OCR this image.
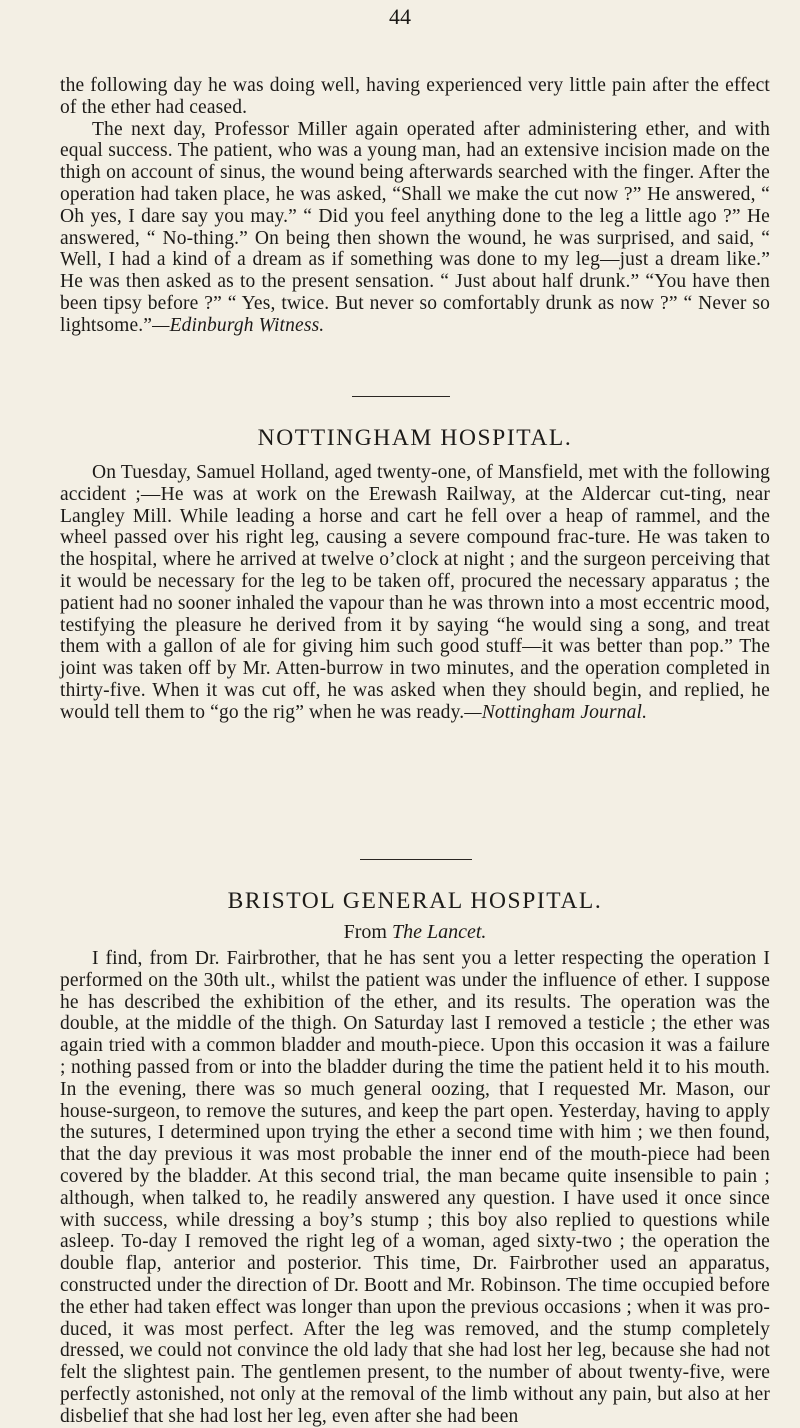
44

the following day he was doing well, having experienced very little pain after the effect of the ether had ceased.

The next day, Professor Miller again operated after administering ether, and with equal success. The patient, who was a young man, had an extensive incision made on the thigh on account of sinus, the wound being afterwards searched with the finger. After the operation had taken place, he was asked, “Shall we make the cut now ?” He answered, “ Oh yes, I dare say you may.” “ Did you feel anything done to the leg a little ago ?” He answered, “ No-thing.” On being then shown the wound, he was surprised, and said, “ Well, I had a kind of a dream as if something was done to my leg—just a dream like.” He was then asked as to the present sensation. “ Just about half drunk.” “You have then been tipsy before ?” “ Yes, twice. But never so comfortably drunk as now ?” “ Never so lightsome.”—Edinburgh Witness.

NOTTINGHAM HOSPITAL.

On Tuesday, Samuel Holland, aged twenty-one, of Mansfield, met with the following accident ;—He was at work on the Erewash Railway, at the Aldercar cut-ting, near Langley Mill. While leading a horse and cart he fell over a heap of rammel, and the wheel passed over his right leg, causing a severe compound frac-ture. He was taken to the hospital, where he arrived at twelve o’clock at night ; and the surgeon perceiving that it would be necessary for the leg to be taken off, procured the necessary apparatus ; the patient had no sooner inhaled the vapour than he was thrown into a most eccentric mood, testifying the pleasure he derived from it by saying “he would sing a song, and treat them with a gallon of ale for giving him such good stuff—it was better than pop.” The joint was taken off by Mr. Atten-burrow in two minutes, and the operation completed in thirty-five. When it was cut off, he was asked when they should begin, and replied, he would tell them to “go the rig” when he was ready.—Nottingham Journal.

BRISTOL GENERAL HOSPITAL.

From The Lancet.

I find, from Dr. Fairbrother, that he has sent you a letter respecting the operation I performed on the 30th ult., whilst the patient was under the influence of ether. I suppose he has described the exhibition of the ether, and its results. The operation was the double, at the middle of the thigh. On Saturday last I removed a testicle ; the ether was again tried with a common bladder and mouth-piece. Upon this occasion it was a failure ; nothing passed from or into the bladder during the time the patient held it to his mouth. In the evening, there was so much general oozing, that I requested Mr. Mason, our house-surgeon, to remove the sutures, and keep the part open. Yesterday, having to apply the sutures, I determined upon trying the ether a second time with him ; we then found, that the day previous it was most probable the inner end of the mouth-piece had been covered by the bladder. At this second trial, the man became quite insensible to pain ; although, when talked to, he readily answered any question. I have used it once since with success, while dressing a boy’s stump ; this boy also replied to questions while asleep. To-day I removed the right leg of a woman, aged sixty-two ; the operation the double flap, anterior and posterior. This time, Dr. Fairbrother used an apparatus, constructed under the direction of Dr. Boott and Mr. Robinson. The time occupied before the ether had taken effect was longer than upon the previous occasions ; when it was pro-duced, it was most perfect. After the leg was removed, and the stump completely dressed, we could not convince the old lady that she had lost her leg, because she had not felt the slightest pain. The gentlemen present, to the number of about twenty-five, were perfectly astonished, not only at the removal of the limb without any pain, but also at her disbelief that she had lost her leg, even after she had been
